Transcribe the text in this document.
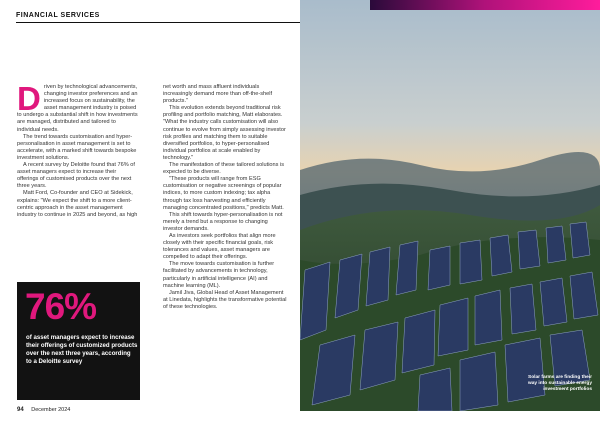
FINANCIAL SERVICES
D riven by technological advancements, changing investor preferences and an increased focus on sustainability, the asset management industry is poised to undergo a substantial shift in how investments are managed, distributed and tailored to individual needs.

The trend towards customisation and hyper-personalisation in asset management is set to accelerate, with a marked shift towards bespoke investment solutions.

A recent survey by Deloitte found that 76% of asset managers expect to increase their offerings of customised products over the next three years.

Matt Ford, Co-founder and CEO at Sidekick, explains: "We expect the shift to a more client-centric approach in the asset management industry to continue in 2025 and beyond, as high

net worth and mass affluent individuals increasingly demand more than off-the-shelf products."

This evolution extends beyond traditional risk profiling and portfolio matching, Matt elaborates. "What the industry calls customisation will also continue to evolve from simply assessing investor risk profiles and matching them to suitable diversified portfolios, to hyper-personalised individual portfolios at scale enabled by technology."

The manifestation of these tailored solutions is expected to be diverse.

"These products will range from ESG customisation or negative screenings of popular indices, to more custom indexing; tax alpha through tax loss harvesting and efficiently managing concentrated positions," predicts Matt.

This shift towards hyper-personalisation is not merely a trend but a response to changing investor demands.

As investors seek portfolios that align more closely with their specific financial goals, risk tolerances and values, asset managers are compelled to adapt their offerings.

The move towards customisation is further facilitated by advancements in technology, particularly in artificial intelligence (AI) and machine learning (ML).

Jamil Jiva, Global Head of Asset Management at Linedata, highlights the transformative potential of these technologies.

76%
of asset managers expect to increase their offerings of customized products over the next three years, according to a Deloitte survey
94 December 2024
Solar farms are finding their way into sustainable energy investment portfolios
